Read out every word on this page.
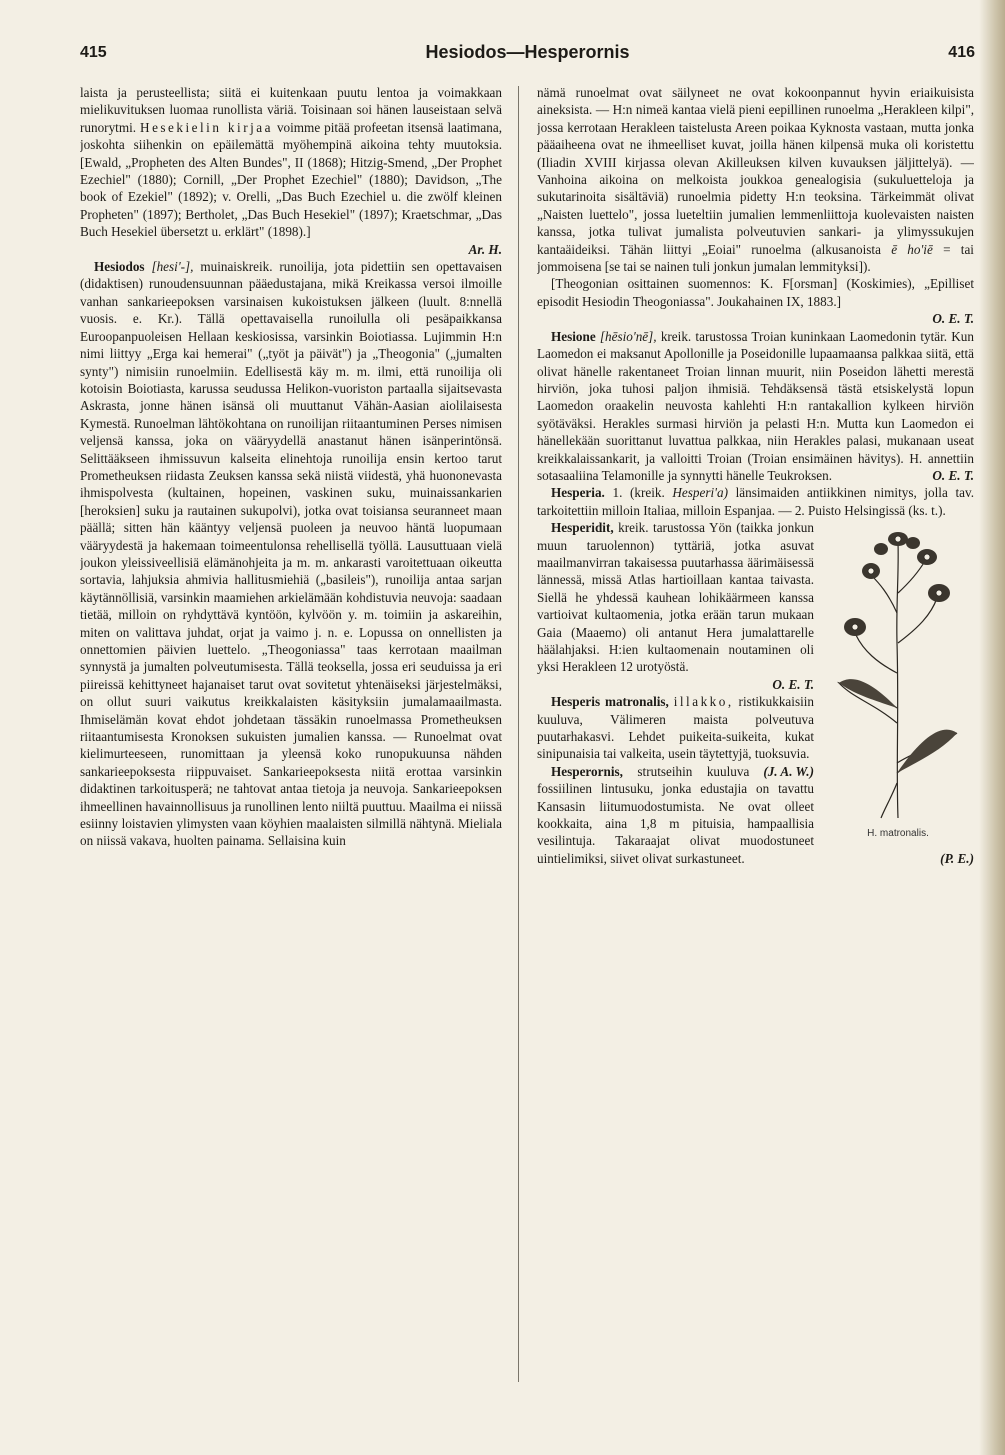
415	Hesiodos—Hesperornis	416

laista ja perusteellista; siitä ei kuitenkaan puutu lentoa ja voimakkaan mielikuvituksen luomaa runollista väriä. Toisinaan soi hänen lauseistaan selvä runorytmi. Hesekielin kirjaa voimme pitää profeetan itsensä laatimana, joskohta siihenkin on epäilemättä myöhempinä aikoina tehty muutoksia. [Ewald, „Propheten des Alten Bundes", II (1868); Hitzig-Smend, „Der Prophet Ezechiel" (1880); Cornill, „Der Prophet Ezechiel" (1880); Davidson, „The book of Ezekiel" (1892); v. Orelli, „Das Buch Ezechiel u. die zwölf kleinen Propheten" (1897); Bertholet, „Das Buch Hesekiel" (1897); Kraetschmar, „Das Buch Hesekiel übersetzt u. erklärt" (1898).]

Ar. H.

Hesiodos [hesi'-], muinaiskreik. runoilija, jota pidettiin sen opettavaisen (didaktisen) runoudensuunnan pääedustajana, mikä Kreikassa versoi ilmoille vanhan sankarieepoksen varsinaisen kukoistuksen jälkeen (luult. 8:nnellä vuosis. e. Kr.). Tällä opettavaisella runoilulla oli pesäpaikkansa Euroopanpuoleisen Hellaan keskiosissa, varsinkin Boiotiassa. Lujimmin H:n nimi liittyy „Erga kai hemerai" („työt ja päivät") ja „Theogonia" („jumalten synty") nimisiin runoelmiin. Edellisestä käy m. m. ilmi, että runoilija oli kotoisin Boiotiasta, karussa seudussa Helikon-vuoriston partaalla sijaitsevasta Askrasta, jonne hänen isänsä oli muuttanut Vähän-Aasian aiolilaisesta Kymestä. Runoelman lähtökohtana on runoilijan riitaantuminen Perses nimisen veljensä kanssa, joka on vääryydellä anastanut hänen isänperintönsä. Selittääkseen ihmissuvun kalseita elinehtoja runoilija ensin kertoo tarut Prometheuksen riidasta Zeuksen kanssa sekä niistä viidestä, yhä huononevasta ihmispolvesta (kultainen, hopeinen, vaskinen suku, muinaissankarien [heroksien] suku ja rautainen sukupolvi), jotka ovat toisiansa seuranneet maan päällä; sitten hän kääntyy veljensä puoleen ja neuvoo häntä luopumaan vääryydestä ja hakemaan toimeentulonsa rehellisellä työllä. Lausuttuaan vielä joukon yleissiveellisiä elämänohjeita ja m. m. ankarasti varoitettuaan oikeutta sortavia, lahjuksia ahmivia hallitusmiehiä („basileis"), runoilija antaa sarjan käytännöllisiä, varsinkin maamiehen arkielämään kohdistuvia neuvoja: saadaan tietää, milloin on ryhdyttävä kyntöön, kylvöön y. m. toimiin ja askareihin, miten on valittava juhdat, orjat ja vaimo j. n. e. Lopussa on onnellisten ja onnettomien päivien luettelo. „Theogoniassa" taas kerrotaan maailman synnystä ja jumalten polveutumisesta. Tällä teoksella, jossa eri seuduissa ja eri piireissä kehittyneet hajanaiset tarut ovat sovitetut yhtenäiseksi järjestelmäksi, on ollut suuri vaikutus kreikkalaisten käsityksiin jumalamaailmasta. Ihmiselämän kovat ehdot johdetaan tässäkin runoelmassa Prometheuksen riitaantumisesta Kronoksen sukuisten jumalien kanssa. — Runoelmat ovat kielimurteeseen, runomittaan ja yleensä koko runopukuunsa nähden sankarieepoksesta riippuvaiset. Sankarieepoksesta niitä erottaa varsinkin didaktinen tarkoitusperä; ne tahtovat antaa tietoja ja neuvoja. Sankarieepoksen ihmeellinen havainnollisuus ja runollinen lento niiltä puuttuu. Maailma ei niissä esiinny loistavien ylimysten vaan köyhien maalaisten silmillä nähtynä. Mieliala on niissä vakava, huolten painama. Sellaisina kuin

nämä runoelmat ovat säilyneet ne ovat kokoonpannut hyvin eriaikuisista aineksista. — H:n nimeä kantaa vielä pieni eepillinen runoelma „Herakleen kilpi", jossa kerrotaan Herakleen taistelusta Areen poikaa Kyknosta vastaan, mutta jonka pääaiheena ovat ne ihmeelliset kuvat, joilla hänen kilpensä muka oli koristettu (Iliadin XVIII kirjassa olevan Akilleuksen kilven kuvauksen jäljittelyä). — Vanhoina aikoina on melkoista joukkoa genealogisia (sukuluetteloja ja sukutarinoita sisältäviä) runoelmia pidetty H:n teoksina. Tärkeimmät olivat „Naisten luettelo", jossa lueteltiin jumalien lemmenliittoja kuolevaisten naisten kanssa, jotka tulivat jumalista polveutuvien sankari- ja ylimyssukujen kantaäideiksi. Tähän liittyi „Eoiai" runoelma (alkusanoista ē ho'iē = tai jommoisena [se tai se nainen tuli jonkun jumalan lemmityksi]).

[Theogonian osittainen suomennos: K. F[orsman] (Koskimies), „Epilliset episodit Hesiodin Theogoniassa". Joukahainen IX, 1883.]

O. E. T.

Hesione [hēsio'nē], kreik. tarustossa Troian kuninkaan Laomedonin tytär. Kun Laomedon ei maksanut Apollonille ja Poseidonille lupaamaansa palkkaa siitä, että olivat hänelle rakentaneet Troian linnan muurit, niin Poseidon lähetti merestä hirviön, joka tuhosi paljon ihmisiä. Tehdäksensä tästä etsiskelystä lopun Laomedon oraakelin neuvosta kahlehti H:n rantakallion kylkeen hirviön syötäväksi. Herakles surmasi hirviön ja pelasti H:n. Mutta kun Laomedon ei hänellekään suorittanut luvattua palkkaa, niin Herakles palasi, mukanaan useat kreikkalaissankarit, ja valloitti Troian (Troian ensimäinen hävitys). H. annettiin sotasaaliina Telamonille ja synnytti hänelle Teukroksen.	O. E. T.

Hesperia. 1. (kreik. Hesperi'a) länsimaiden antiikkinen nimitys, jolla tav. tarkoitettiin milloin Italiaa, milloin Espanjaa. — 2. Puisto Helsingissä (ks. t.).

H. matronalis.

Hesperidit, kreik. tarustossa Yön (taikka jonkun muun taruolennon) tyttäriä, jotka asuvat maailmanvirran takaisessa puutarhassa äärimäisessä lännessä, missä Atlas hartioillaan kantaa taivasta. Siellä he yhdessä kauhean lohikäärmeen kanssa vartioivat kultaomenia, jotka erään tarun mukaan Gaia (Maaemo) oli antanut Hera jumalattarelle häälahjaksi. H:ien kultaomenain noutaminen oli yksi Herakleen 12 urotyöstä.

O. E. T.

Hesperis matronalis, illakko, ristikukkaisiin kuuluva, Välimeren maista polveutuva puutarhakasvi. Lehdet puikeita-suikeita, kukat sinipunaisia tai valkeita, usein täytettyjä, tuoksuvia.
(J. A. W.)

Hesperornis, strutseihin kuuluva fossiilinen lintusuku, jonka edustajia on tavattu Kansasin liitumuodostumista. Ne ovat olleet kookkaita, aina 1,8 m pituisia, hampaallisia vesilintuja. Takaraajat olivat muodostuneet uintielimiksi, siivet olivat surkastuneet.	(P. E.)
